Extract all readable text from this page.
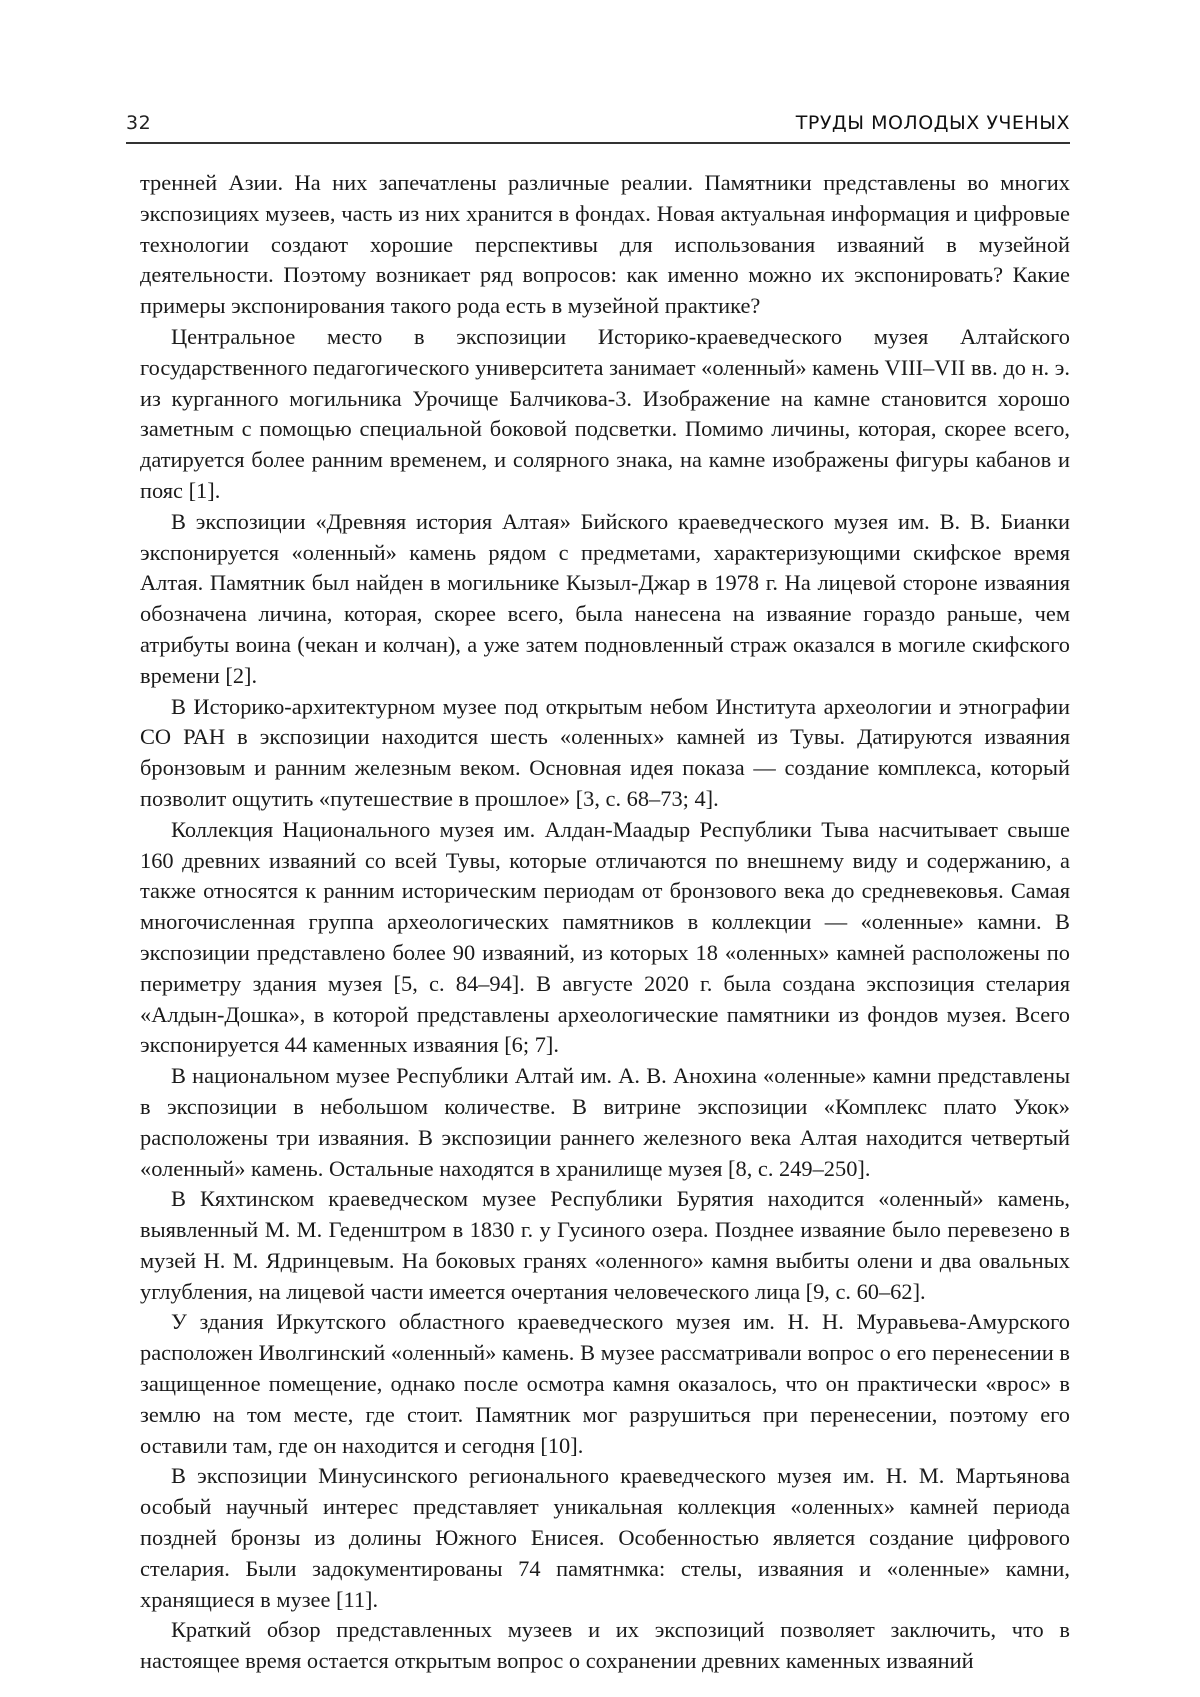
32	ТРУДЫ МОЛОДЫХ УЧЕНЫХ

тренней Азии. На них запечатлены различные реалии. Памятники представлены во многих экспозициях музеев, часть из них хранится в фондах. Новая актуальная информация и цифровые технологии создают хорошие перспективы для использования изваяний в музейной деятельности. Поэтому возникает ряд вопросов: как именно можно их экспонировать? Какие примеры экспонирования такого рода есть в музейной практике?

Центральное место в экспозиции Историко-краеведческого музея Алтайского государственного педагогического университета занимает «оленный» камень VIII–VII вв. до н. э. из курганного могильника Урочище Балчикова-3. Изображение на камне становится хорошо заметным с помощью специальной боковой подсветки. Помимо личины, которая, скорее всего, датируется более ранним временем, и солярного знака, на камне изображены фигуры кабанов и пояс [1].

В экспозиции «Древняя история Алтая» Бийского краеведческого музея им. В. В. Бианки экспонируется «оленный» камень рядом с предметами, характеризующими скифское время Алтая. Памятник был найден в могильнике Кызыл-Джар в 1978 г. На лицевой стороне изваяния обозначена личина, которая, скорее всего, была нанесена на изваяние гораздо раньше, чем атрибуты воина (чекан и колчан), а уже затем подновленный страж оказался в могиле скифского времени [2].

В Историко-архитектурном музее под открытым небом Института археологии и этнографии СО РАН в экспозиции находится шесть «оленных» камней из Тувы. Датируются изваяния бронзовым и ранним железным веком. Основная идея показа — создание комплекса, который позволит ощутить «путешествие в прошлое» [3, с. 68–73; 4].

Коллекция Национального музея им. Алдан-Маадыр Республики Тыва насчитывает свыше 160 древних изваяний со всей Тувы, которые отличаются по внешнему виду и содержанию, а также относятся к ранним историческим периодам от бронзового века до средневековья. Самая многочисленная группа археологических памятников в коллекции — «оленные» камни. В экспозиции представлено более 90 изваяний, из которых 18 «оленных» камней расположены по периметру здания музея [5, с. 84–94]. В августе 2020 г. была создана экспозиция стелария «Алдын-Дошка», в которой представлены археологические памятники из фондов музея. Всего экспонируется 44 каменных изваяния [6; 7].

В национальном музее Республики Алтай им. А. В. Анохина «оленные» камни представлены в экспозиции в небольшом количестве. В витрине экспозиции «Комплекс плато Укок» расположены три изваяния. В экспозиции раннего железного века Алтая находится четвертый «оленный» камень. Остальные находятся в хранилище музея [8, с. 249–250].

В Кяхтинском краеведческом музее Республики Бурятия находится «оленный» камень, выявленный М. М. Геденштром в 1830 г. у Гусиного озера. Позднее изваяние было перевезено в музей Н. М. Ядринцевым. На боковых гранях «оленного» камня выбиты олени и два овальных углубления, на лицевой части имеется очертания человеческого лица [9, с. 60–62].

У здания Иркутского областного краеведческого музея им. Н. Н. Муравьева-Амурского расположен Иволгинский «оленный» камень. В музее рассматривали вопрос о его перенесении в защищенное помещение, однако после осмотра камня оказалось, что он практически «врос» в землю на том месте, где стоит. Памятник мог разрушиться при перенесении, поэтому его оставили там, где он находится и сегодня [10].

В экспозиции Минусинского регионального краеведческого музея им. Н. М. Мартьянова особый научный интерес представляет уникальная коллекция «оленных» камней периода поздней бронзы из долины Южного Енисея. Особенностью является создание цифрового стелария. Были задокументированы 74 памятнмка: стелы, изваяния и «оленные» камни, хранящиеся в музее [11].

Краткий обзор представленных музеев и их экспозиций позволяет заключить, что в настоящее время остается открытым вопрос о сохранении древних каменных изваяний
